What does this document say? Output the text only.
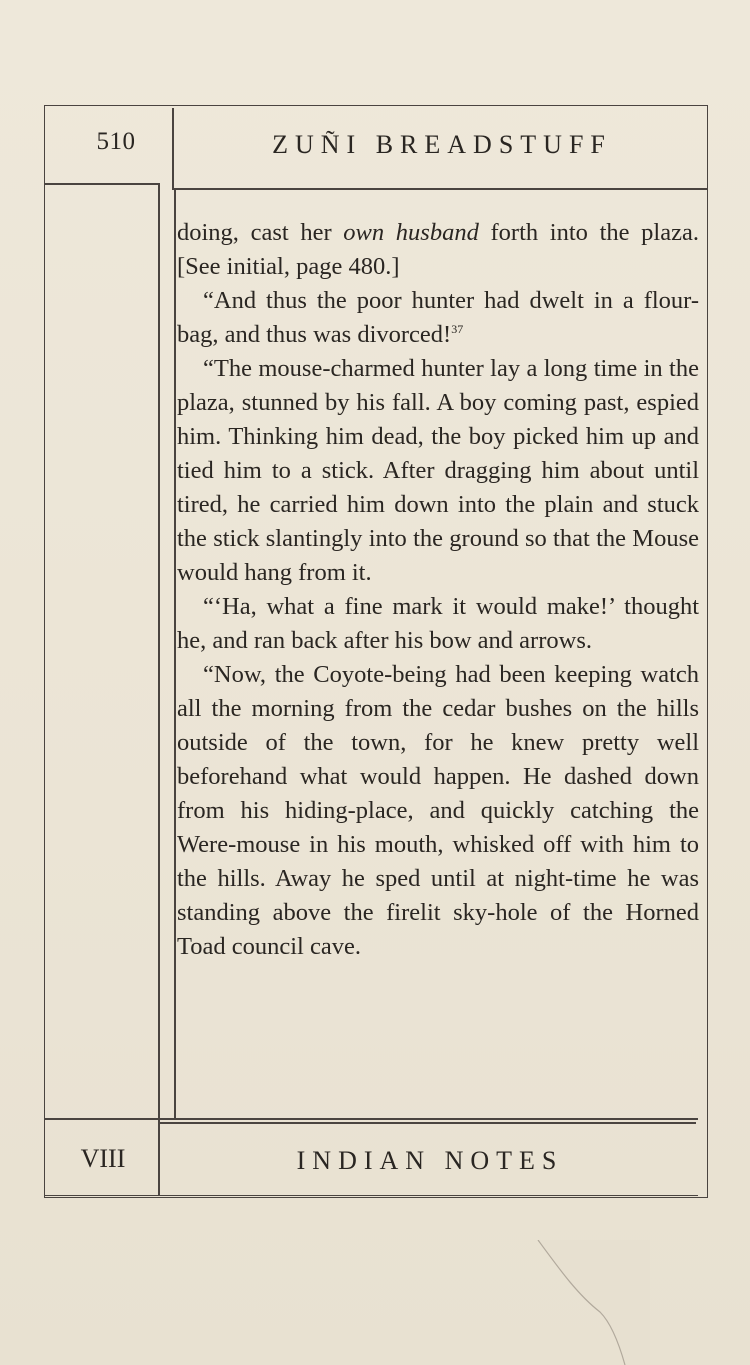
510	ZUÑI BREADSTUFF

doing, cast her own husband forth into the plaza. [See initial, page 480.]

“And thus the poor hunter had dwelt in a flour-bag, and thus was divorced!$^{37}$

“The mouse-charmed hunter lay a long time in the plaza, stunned by his fall. A boy coming past, espied him. Thinking him dead, the boy picked him up and tied him to a stick. After dragging him about until tired, he carried him down into the plain and stuck the stick slantingly into the ground so that the Mouse would hang from it.

“‘Ha, what a fine mark it would make!’ thought he, and ran back after his bow and arrows.

“Now, the Coyote-being had been keeping watch all the morning from the cedar bushes on the hills outside of the town, for he knew pretty well beforehand what would happen. He dashed down from his hiding-place, and quickly catching the Were-mouse in his mouth, whisked off with him to the hills. Away he sped until at night-time he was standing above the firelit sky-hole of the Horned Toad council cave.

VIII	INDIAN NOTES
